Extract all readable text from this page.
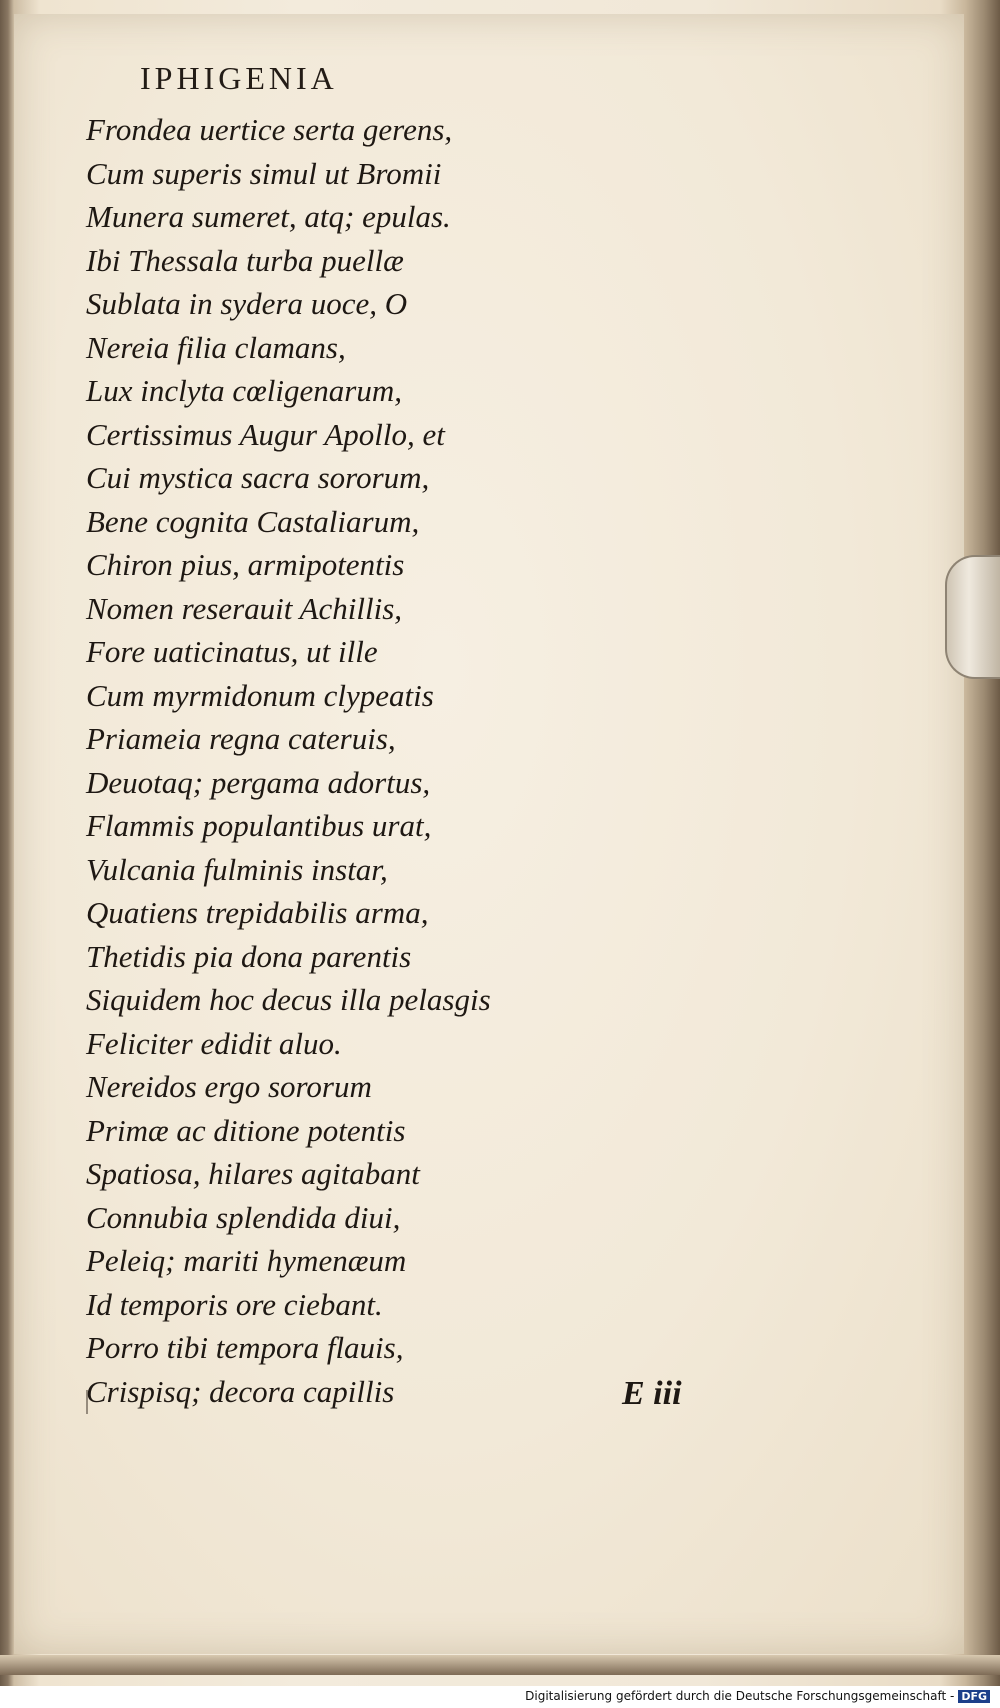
IPHIGENIA
Frondea uertice serta gerens,
Cum superis simul ut Bromii
Munera sumeret, atq; epulas.
Ibi Thessala turba puellæ
Sublata in sydera uoce, O
Nereia filia clamans,
Lux inclyta cœligenarum,
Certissimus Augur Apollo, et
Cui mystica sacra sororum,
Bene cognita Castaliarum,
Chiron pius, armipotentis
Nomen reserauit Achillis,
Fore uaticinatus, ut ille
Cum myrmidonum clypeatis
Priameia regna cateruis,
Deuotaq; pergama adortus,
Flammis populantibus urat,
Vulcania fulminis instar,
Quatiens trepidabilis arma,
Thetidis pia dona parentis
Siquidem hoc decus illa pelasgis
Feliciter edidit aluo.
Nereidos ergo sororum
Primæ ac ditione potentis
Spatiosa, hilares agitabant
Connubia splendida diui,
Peleiq; mariti hymenæum
Id temporis ore ciebant.
Porro tibi tempora flauis,
Crispisq; decora capillis	E iii
Digitalisierung gefördert durch die Deutsche Forschungsgemeinschaft - DFG
